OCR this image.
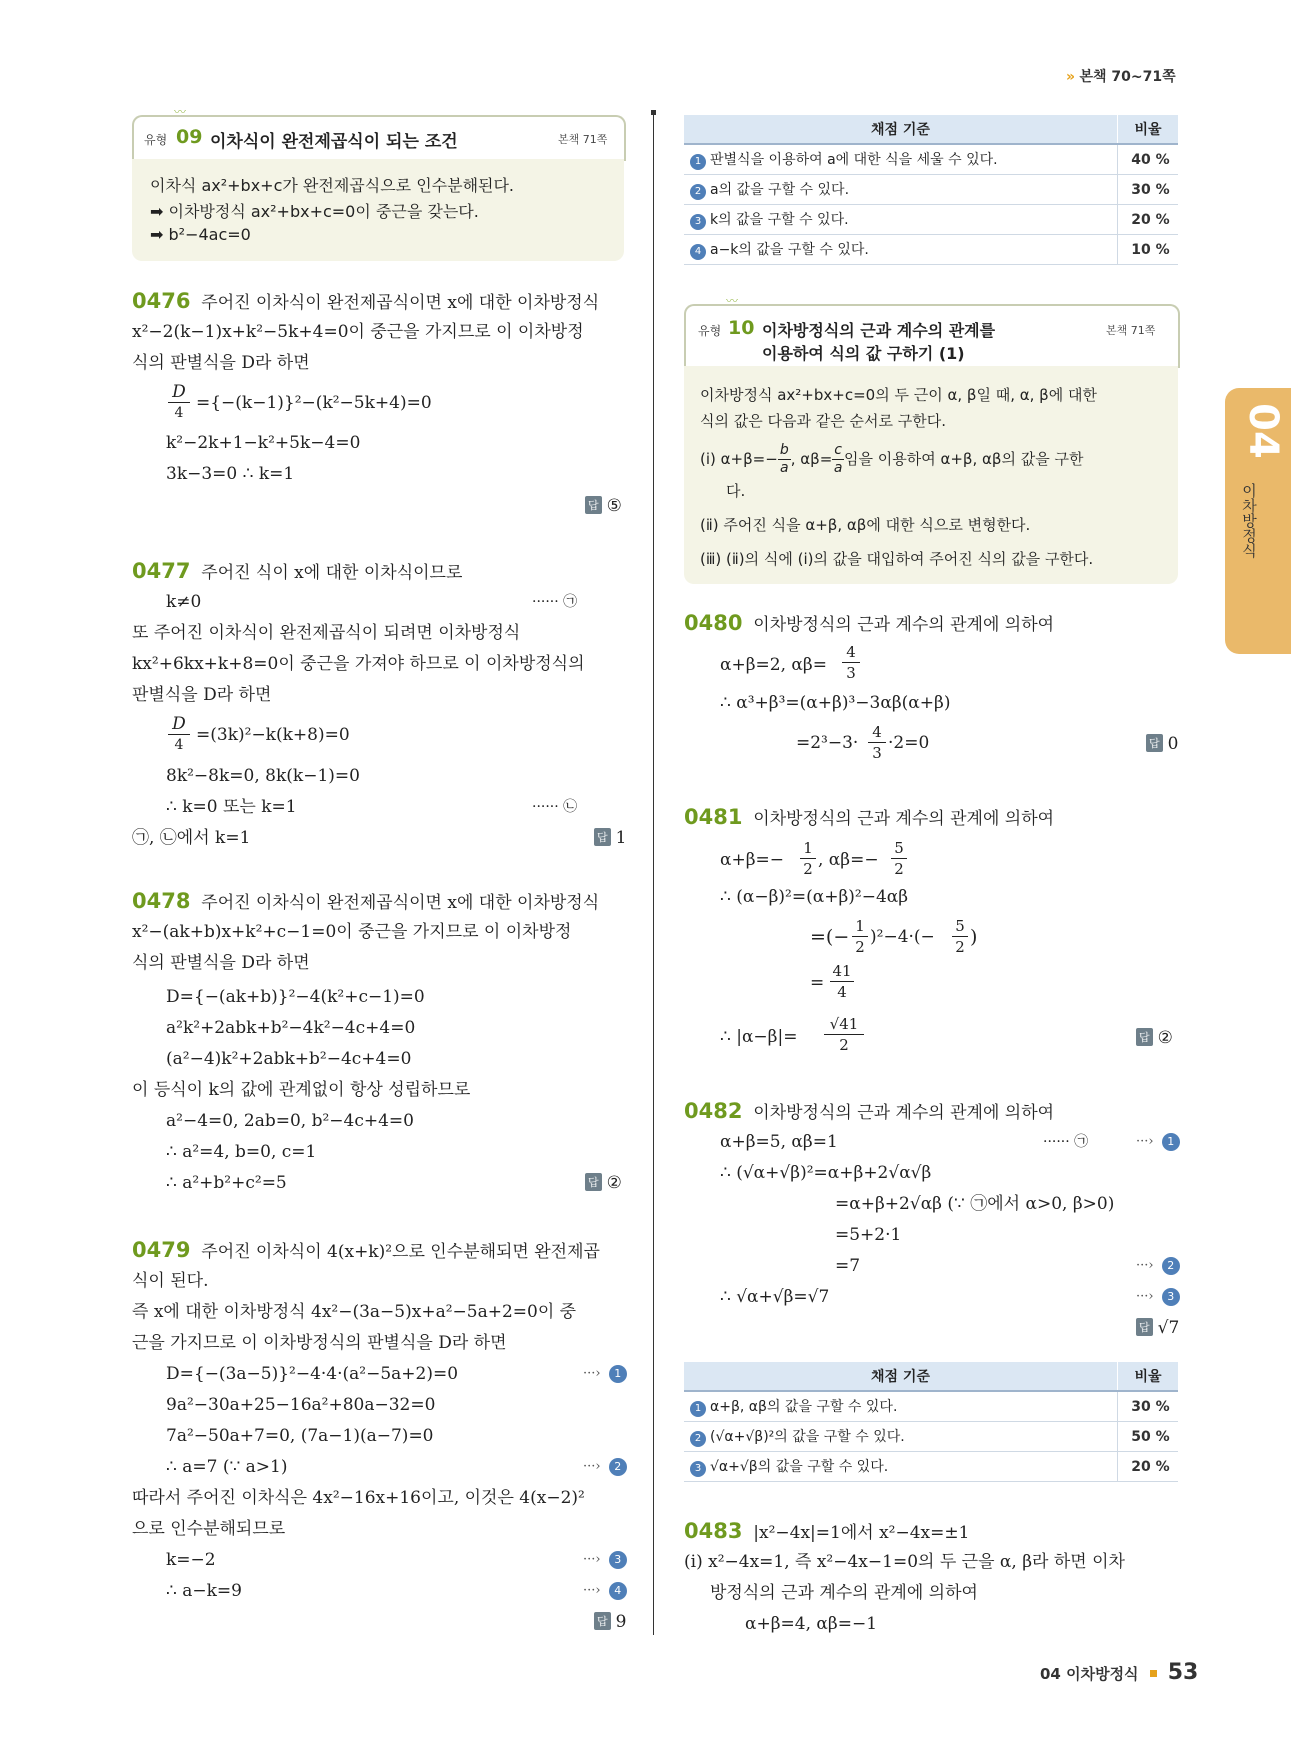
» 본책 70~71쪽
04
이차방정식
〰
유형 09 이차식이 완전제곱식이 되는 조건	본책 71쪽
이차식 ax²+bx+c가 완전제곱식으로 인수분해된다.
➡ 이차방정식 ax²+bx+c=0이 중근을 갖는다.
➡ b²−4ac=0
0476 주어진 이차식이 완전제곱식이면 x에 대한 이차방정식
x²−2(k−1)x+k²−5k+4=0이 중근을 가지므로 이 이차방정
식의 판별식을 D라 하면
D
4 ={−(k−1)}²−(k²−5k+4)=0
k²−2k+1−k²+5k−4=0
3k−3=0 ∴ k=1
답 ⑤
0477 주어진 식이 x에 대한 이차식이므로
k≠0	······ ㉠
또 주어진 이차식이 완전제곱식이 되려면 이차방정식
kx²+6kx+k+8=0이 중근을 가져야 하므로 이 이차방정식의
판별식을 D라 하면
D
4 =(3k)²−k(k+8)=0
8k²−8k=0, 8k(k−1)=0
∴ k=0 또는 k=1	······ ㉡
㉠, ㉡에서 k=1	답 1
0478 주어진 이차식이 완전제곱식이면 x에 대한 이차방정식
x²−(ak+b)x+k²+c−1=0이 중근을 가지므로 이 이차방정
식의 판별식을 D라 하면
D={−(ak+b)}²−4(k²+c−1)=0
a²k²+2abk+b²−4k²−4c+4=0
(a²−4)k²+2abk+b²−4c+4=0
이 등식이 k의 값에 관계없이 항상 성립하므로
a²−4=0, 2ab=0, b²−4c+4=0
∴ a²=4, b=0, c=1
∴ a²+b²+c²=5	답 ②
0479 주어진 이차식이 4(x+k)²으로 인수분해되면 완전제곱
식이 된다.
즉 x에 대한 이차방정식 4x²−(3a−5)x+a²−5a+2=0이 중
근을 가지므로 이 이차방정식의 판별식을 D라 하면
D={−(3a−5)}²−4·4·(a²−5a+2)=0	···› 1
9a²−30a+25−16a²+80a−32=0
7a²−50a+7=0, (7a−1)(a−7)=0
∴ a=7 (∵ a>1)	···› 2
따라서 주어진 이차식은 4x²−16x+16이고, 이것은 4(x−2)²
으로 인수분해되므로
k=−2	···› 3
∴ a−k=9	···› 4
답 9
채점 기준	비율
1 판별식을 이용하여 a에 대한 식을 세울 수 있다.	40 %
2 a의 값을 구할 수 있다.	30 %
3 k의 값을 구할 수 있다.	20 %
4 a−k의 값을 구할 수 있다.	10 %
〰
유형 10 이차방정식의 근과 계수의 관계를
이용하여 식의 값 구하기 (1)
본책 71쪽
이차방정식 ax²+bx+c=0의 두 근이 α, β일 때, α, β에 대한
식의 값은 다음과 같은 순서로 구한다.
(ⅰ) $\alpha+\beta=- \frac{b}{a}$ , $\alpha\beta= \frac{c}{a}$ 임을 이용하여 α+β, αβ의 값을 구한
다.
(ⅱ) 주어진 식을 α+β, αβ에 대한 식으로 변형한다.
(ⅲ) (ⅱ)의 식에 (ⅰ)의 값을 대입하여 주어진 식의 값을 구한다.
0480 이차방정식의 근과 계수의 관계에 의하여
α+β=2, αβ=
4
3
∴ α³+β³=(α+β)³−3αβ(α+β)
=2³−3·
4
3 ·2=0	답 0
0481 이차방정식의 근과 계수의 관계에 의하여
α+β=−
1
2 , αβ=−
5
2
∴ (α−β)²=(α+β)²−4αβ
=(− 1
2 )²−4·(−
5
2 )
=
41
4
∴ |α−β|=
√41
2	답 ②
0482 이차방정식의 근과 계수의 관계에 의하여
α+β=5, αβ=1	······ ㉠	···› 1
∴ (√α+√β)²=α+β+2√α√β
=α+β+2√αβ (∵ ㉠에서 α>0, β>0)
=5+2·1
=7	···› 2
∴ √α+√β=√7	···› 3
답 √7
채점 기준	비율
1 α+β, αβ의 값을 구할 수 있다.	30 %
2 (√α+√β)²의 값을 구할 수 있다.	50 %
3 √α+√β의 값을 구할 수 있다.	20 %
0483 |x²−4x|=1에서 x²−4x=±1
(ⅰ) x²−4x=1, 즉 x²−4x−1=0의 두 근을 α, β라 하면 이차
방정식의 근과 계수의 관계에 의하여
α+β=4, αβ=−1
04 이차방정식 53
